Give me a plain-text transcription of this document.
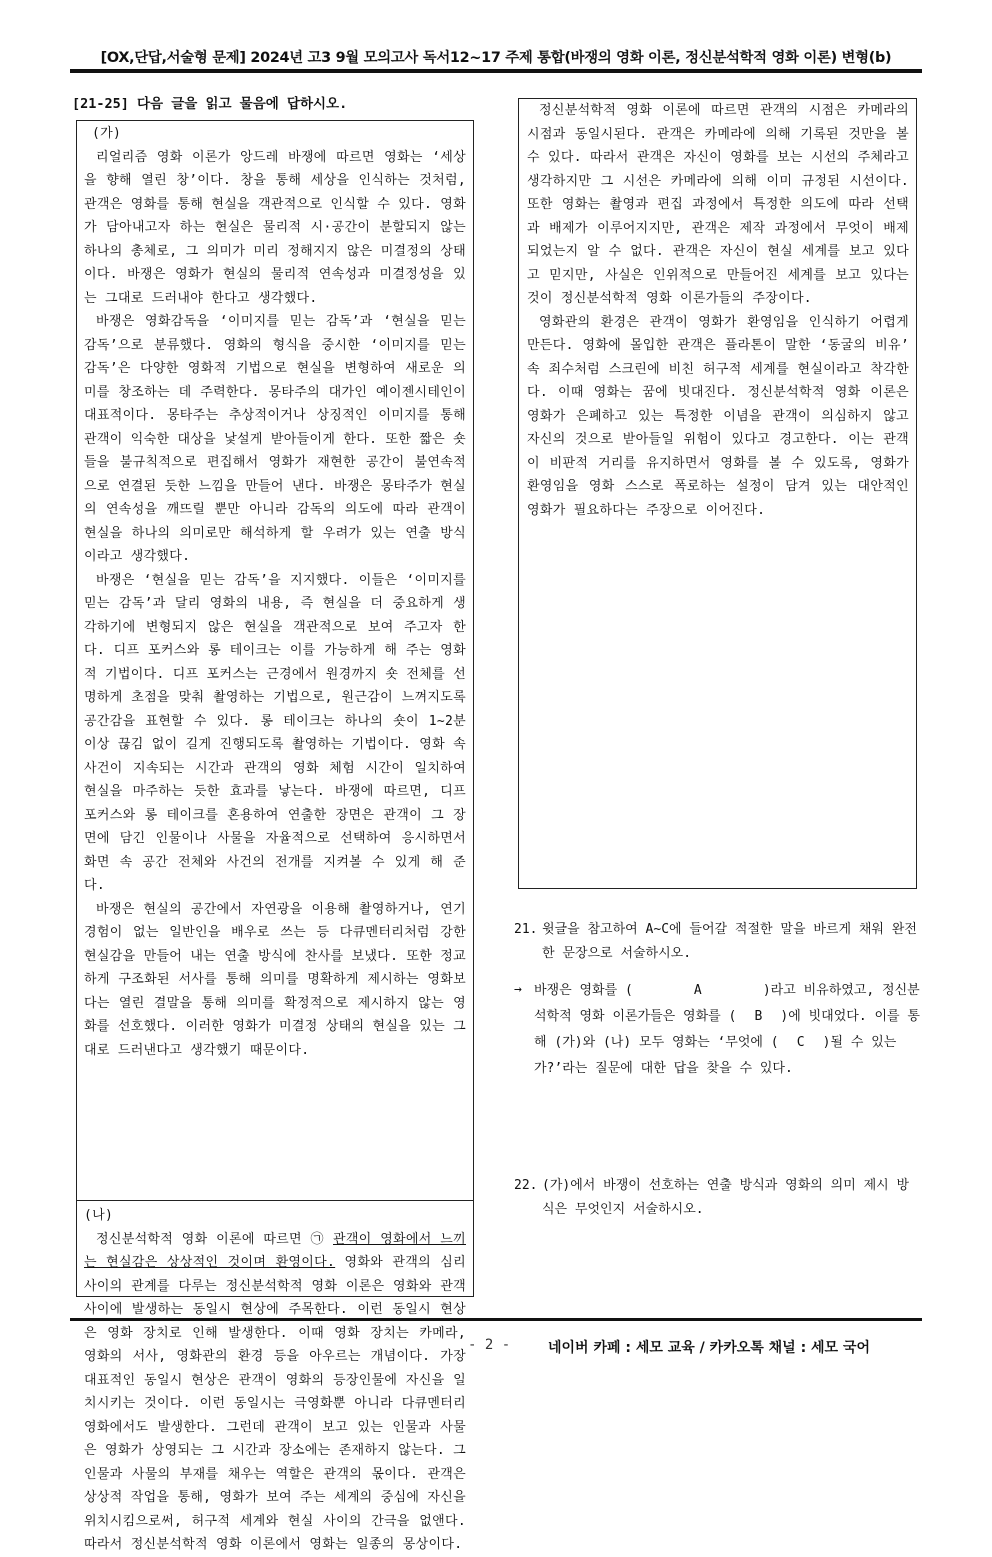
[OX,단답,서술형 문제] 2024년 고3 9월 모의고사 독서12~17 주제 통합(바쟁의 영화 이론, 정신분석학적 영화 이론) 변형(b)
[21-25] 다음 글을 읽고 물음에 답하시오.

(가)

리얼리즘 영화 이론가 앙드레 바쟁에 따르면 영화는 ‘세상을 향해 열린 창’이다. 창을 통해 세상을 인식하는 것처럼, 관객은 영화를 통해 현실을 객관적으로 인식할 수 있다. 영화가 담아내고자 하는 현실은 물리적 시·공간이 분할되지 않는 하나의 총체로, 그 의미가 미리 정해지지 않은 미결정의 상태이다. 바쟁은 영화가 현실의 물리적 연속성과 미결정성을 있는 그대로 드러내야 한다고 생각했다.

바쟁은 영화감독을 ‘이미지를 믿는 감독’과 ‘현실을 믿는 감독’으로 분류했다. 영화의 형식을 중시한 ‘이미지를 믿는 감독’은 다양한 영화적 기법으로 현실을 변형하여 새로운 의미를 창조하는 데 주력한다. 몽타주의 대가인 예이젠시테인이 대표적이다. 몽타주는 추상적이거나 상징적인 이미지를 통해 관객이 익숙한 대상을 낯설게 받아들이게 한다. 또한 짧은 숏들을 불규칙적으로 편집해서 영화가 재현한 공간이 불연속적으로 연결된 듯한 느낌을 만들어 낸다. 바쟁은 몽타주가 현실의 연속성을 깨뜨릴 뿐만 아니라 감독의 의도에 따라 관객이 현실을 하나의 의미로만 해석하게 할 우려가 있는 연출 방식이라고 생각했다.

바쟁은 ‘현실을 믿는 감독’을 지지했다. 이들은 ‘이미지를 믿는 감독’과 달리 영화의 내용, 즉 현실을 더 중요하게 생각하기에 변형되지 않은 현실을 객관적으로 보여 주고자 한다. 디프 포커스와 롱 테이크는 이를 가능하게 해 주는 영화적 기법이다. 디프 포커스는 근경에서 원경까지 숏 전체를 선명하게 초점을 맞춰 촬영하는 기법으로, 원근감이 느껴지도록 공간감을 표현할 수 있다. 롱 테이크는 하나의 숏이 1~2분 이상 끊김 없이 길게 진행되도록 촬영하는 기법이다. 영화 속 사건이 지속되는 시간과 관객의 영화 체험 시간이 일치하여 현실을 마주하는 듯한 효과를 낳는다. 바쟁에 따르면, 디프 포커스와 롱 테이크를 혼용하여 연출한 장면은 관객이 그 장면에 담긴 인물이나 사물을 자율적으로 선택하여 응시하면서 화면 속 공간 전체와 사건의 전개를 지켜볼 수 있게 해 준다.

바쟁은 현실의 공간에서 자연광을 이용해 촬영하거나, 연기 경험이 없는 일반인을 배우로 쓰는 등 다큐멘터리처럼 강한 현실감을 만들어 내는 연출 방식에 찬사를 보냈다. 또한 정교하게 구조화된 서사를 통해 의미를 명확하게 제시하는 영화보다는 열린 결말을 통해 의미를 확정적으로 제시하지 않는 영화를 선호했다. 이러한 영화가 미결정 상태의 현실을 있는 그대로 드러낸다고 생각했기 때문이다.

(나)

정신분석학적 영화 이론에 따르면 ㉠ 관객이 영화에서 느끼는 현실감은 상상적인 것이며 환영이다. 영화와 관객의 심리 사이의 관계를 다루는 정신분석학적 영화 이론은 영화와 관객 사이에 발생하는 동일시 현상에 주목한다. 이런 동일시 현상은 영화 장치로 인해 발생한다. 이때 영화 장치는 카메라, 영화의 서사, 영화관의 환경 등을 아우르는 개념이다. 가장 대표적인 동일시 현상은 관객이 영화의 등장인물에 자신을 일치시키는 것이다. 이런 동일시는 극영화뿐 아니라 다큐멘터리 영화에서도 발생한다. 그런데 관객이 보고 있는 인물과 사물은 영화가 상영되는 그 시간과 장소에는 존재하지 않는다. 그 인물과 사물의 부재를 채우는 역할은 관객의 몫이다. 관객은 상상적 작업을 통해, 영화가 보여 주는 세계의 중심에 자신을 위치시킴으로써, 허구적 세계와 현실 사이의 간극을 없앤다. 따라서 정신분석학적 영화 이론에서 영화는 일종의 몽상이다.

정신분석학적 영화 이론에 따르면 관객의 시점은 카메라의 시점과 동일시된다. 관객은 카메라에 의해 기록된 것만을 볼 수 있다. 따라서 관객은 자신이 영화를 보는 시선의 주체라고 생각하지만 그 시선은 카메라에 의해 이미 규정된 시선이다. 또한 영화는 촬영과 편집 과정에서 특정한 의도에 따라 선택과 배제가 이루어지지만, 관객은 제작 과정에서 무엇이 배제되었는지 알 수 없다. 관객은 자신이 현실 세계를 보고 있다고 믿지만, 사실은 인위적으로 만들어진 세계를 보고 있다는 것이 정신분석학적 영화 이론가들의 주장이다.

영화관의 환경은 관객이 영화가 환영임을 인식하기 어렵게 만든다. 영화에 몰입한 관객은 플라톤이 말한 ‘동굴의 비유’ 속 죄수처럼 스크린에 비친 허구적 세계를 현실이라고 착각한다. 이때 영화는 꿈에 빗대진다. 정신분석학적 영화 이론은 영화가 은폐하고 있는 특정한 이념을 관객이 의심하지 않고 자신의 것으로 받아들일 위험이 있다고 경고한다. 이는 관객이 비판적 거리를 유지하면서 영화를 볼 수 있도록, 영화가 환영임을 영화 스스로 폭로하는 설정이 담겨 있는 대안적인 영화가 필요하다는 주장으로 이어진다.

21. 윗글을 참고하여 A~C에 들어갈 적절한 말을 바르게 채워 완전한 문장으로 서술하시오.
→ 바쟁은 영화를 (	A	)라고 비유하였고, 정신분석학적 영화 이론가들은 영화를 ( B )에 빗대었다. 이를 통해 (가)와 (나) 모두 영화는 ‘무엇에 ( C )될 수 있는가?’라는 질문에 대한 답을 찾을 수 있다.
22. (가)에서 바쟁이 선호하는 연출 방식과 영화의 의미 제시 방식은 무엇인지 서술하시오.
- 2 -	네이버 카페 : 세모 교육 / 카카오톡 채널 : 세모 국어
